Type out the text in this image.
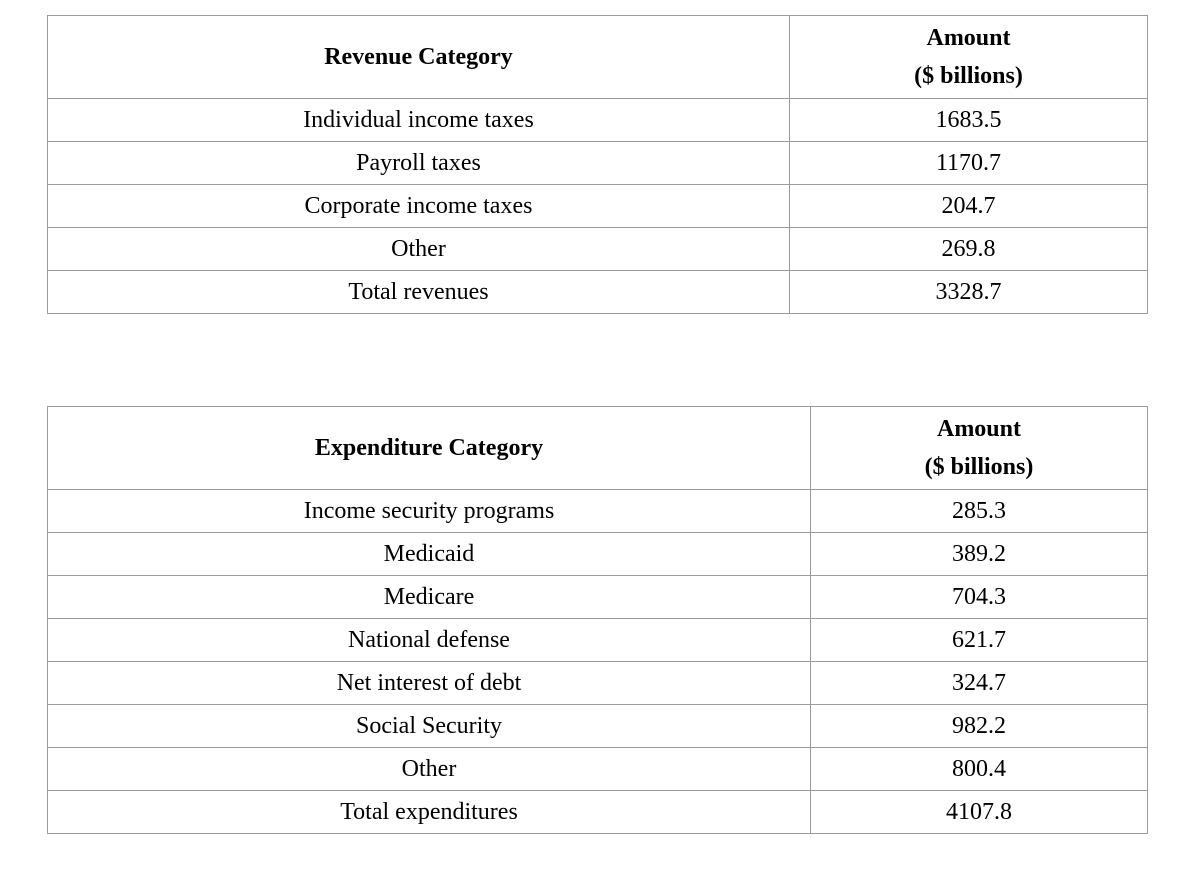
Revenue Category	Amount
($ billions)

Individual income taxes	1683.5
Payroll taxes	1170.7
Corporate income taxes	204.7
Other	269.8
Total revenues	3328.7
Expenditure Category	Amount
($ billions)

Income security programs	285.3
Medicaid	389.2
Medicare	704.3
National defense	621.7
Net interest of debt	324.7
Social Security	982.2
Other	800.4
Total expenditures	4107.8
